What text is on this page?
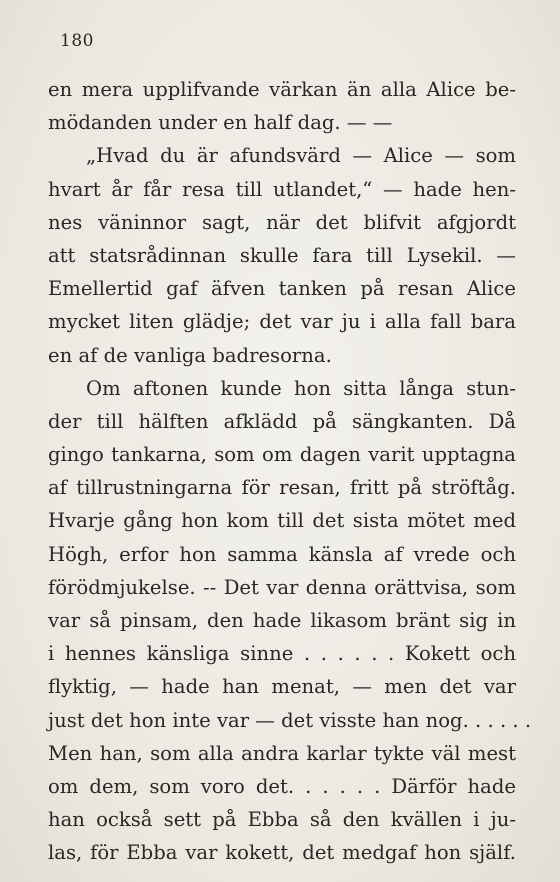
180
en mera upplifvande värkan än alla Alice be-
mödanden under en half dag. — —
„Hvad du är afundsvärd — Alice — som
hvart år får resa till utlandet,“ — hade hen-
nes väninnor sagt, när det blifvit afgjordt
att statsrådinnan skulle fara till Lysekil. —
Emellertid gaf äfven tanken på resan Alice
mycket liten glädje; det var ju i alla fall bara
en af de vanliga badresorna.
Om aftonen kunde hon sitta långa stun-
der till hälften afklädd på sängkanten. Då
gingo tankarna, som om dagen varit upptagna
af tillrustningarna för resan, fritt på ströftåg.
Hvarje gång hon kom till det sista mötet med
Högh, erfor hon samma känsla af vrede och
förödmjukelse. -- Det var denna orättvisa, som
var så pinsam, den hade likasom bränt sig in
i hennes känsliga sinne . . . . . . Kokett och
flyktig, — hade han menat, — men det var
just det hon inte var — det visste han nog. . . . . .
Men han, som alla andra karlar tykte väl mest
om dem, som voro det. . . . . . Därför hade
han också sett på Ebba så den kvällen i ju-
las, för Ebba var kokett, det medgaf hon själf.
